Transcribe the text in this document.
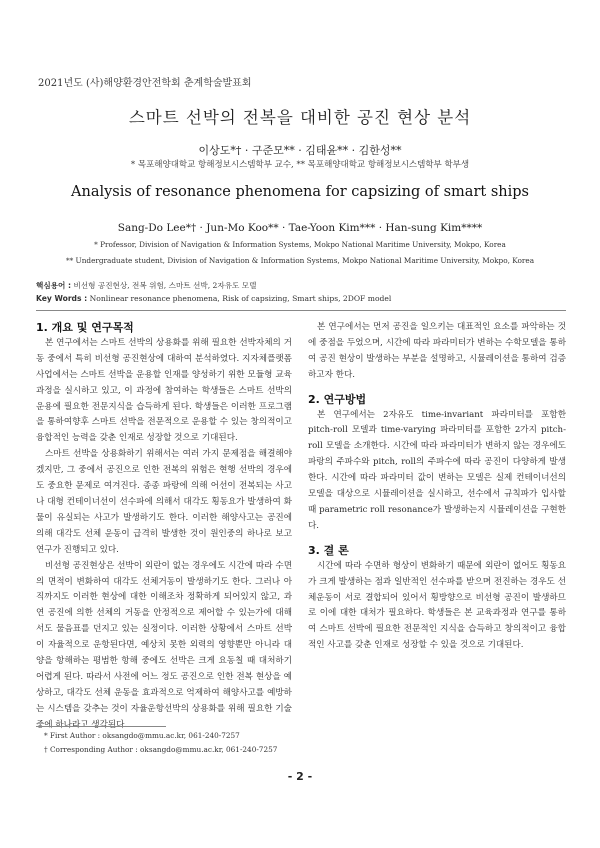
2021년도 (사)해양환경안전학회 춘계학술발표회
스마트 선박의 전복을 대비한 공진 현상 분석
이상도*† · 구준모** · 김태윤** · 김한성**
* 목포해양대학교 항해정보시스템학부 교수, ** 목포해양대학교 항해정보시스템학부 학부생
Analysis of resonance phenomena for capsizing of smart ships
Sang-Do Lee*† · Jun-Mo Koo** · Tae-Yoon Kim*** · Han-sung Kim****
* Professor, Division of Navigation & Information Systems, Mokpo National Maritime University, Mokpo, Korea
** Undergraduate student, Division of Navigation & Information Systems, Mokpo National Maritime University, Mokpo, Korea
핵심용어 : 비선형 공진현상, 전복 위험, 스마트 선박, 2자유도 모델
Key Words : Nonlinear resonance phenomena, Risk of capsizing, Smart ships, 2DOF model
1. 개요 및 연구목적

본 연구에서는 스마트 선박의 상용화를 위해 필요한 선박자체의 거동 중에서 특히 비선형 공진현상에 대하여 분석하였다. 지자체플랫폼 사업에서는 스마트 선박을 운용할 인재를 양성하기 위한 모듈형 교육과정을 실시하고 있고, 이 과정에 참여하는 학생들은 스마트 선박의 운용에 필요한 전문지식을 습득하게 된다. 학생들은 이러한 프로그램을 통하여향후 스마트 선박을 전문적으로 운용할 수 있는 창의적이고 융합적인 능력을 갖춘 인재로 성장할 것으로 기대된다.

스마트 선박을 상용화하기 위해서는 여러 가지 문제점을 해결해야겠지만, 그 중에서 공진으로 인한 전복의 위험은 현행 선박의 경우에도 중요한 문제로 여겨진다. 종종 파랑에 의해 어선이 전복되는 사고나 대형 컨테이너선이 선수파에 의해서 대각도 횡동요가 발생하여 화물이 유실되는 사고가 발생하기도 한다. 이러한 해양사고는 공진에 의해 대각도 선체 운동이 급격히 발생한 것이 원인중의 하나로 보고 연구가 진행되고 있다.

비선형 공진현상은 선박이 외란이 없는 경우에도 시간에 따라 수면의 면적이 변화하여 대각도 선체거동이 발생하기도 한다. 그러나 아직까지도 이러한 현상에 대한 이해조차 정확하게 되어있지 않고, 과연 공진에 의한 선체의 거동을 안정적으로 제어할 수 있는가에 대해서도 물음표를 던지고 있는 실정이다. 이러한 상황에서 스마트 선박이 자율적으로 운항된다면, 예상치 못한 외력의 영향뿐만 아니라 대양을 항해하는 평범한 항해 중에도 선박은 크게 요동칠 때 대처하기 어렵게 된다. 따라서 사전에 어느 정도 공진으로 인한 전복 현상을 예상하고, 대각도 선체 운동을 효과적으로 억제하여 해양사고를 예방하는 시스템을 갖추는 것이 자율운항선박의 상용화를 위해 필요한 기술 중에 하나라고 생각된다.

본 연구에서는 먼저 공진을 일으키는 대표적인 요소를 파악하는 것에 중점을 두었으며, 시간에 따라 파라미터가 변하는 수학모델을 통하여 공진 현상이 발생하는 부분을 설명하고, 시뮬레이션을 통하여 검증하고자 한다.

2. 연구방법

본 연구에서는 2자유도 time-invariant 파라미터를 포함한 pitch-roll 모델과 time-varying 파라미터를 포함한 2가지 pitch-roll 모델을 소개한다. 시간에 따라 파라미터가 변하지 않는 경우에도 파랑의 주파수와 pitch, roll의 주파수에 따라 공진이 다양하게 발생한다. 시간에 따라 파라미터 값이 변하는 모델은 실제 컨테이너선의 모델을 대상으로 시뮬레이션을 실시하고, 선수에서 규칙파가 입사할 때 parametric roll resonance가 발생하는지 시뮬레이션을 구현한다.

3. 결 론

시간에 따라 수면하 형상이 변화하기 때문에 외란이 없어도 횡동요가 크게 발생하는 점과 일반적인 선수파를 받으며 전진하는 경우도 선체운동이 서로 결합되어 있어서 횡방향으로 비선형 공진이 발생하므로 이에 대한 대처가 필요하다. 학생들은 본 교육과정과 연구를 통하여 스마트 선박에 필요한 전문적인 지식을 습득하고 창의적이고 융합적인 사고를 갖춘 인재로 성장할 수 있을 것으로 기대된다.

* First Author : oksangdo@mmu.ac.kr, 061-240-7257
† Corresponding Author : oksangdo@mmu.ac.kr, 061-240-7257
- 2 -
